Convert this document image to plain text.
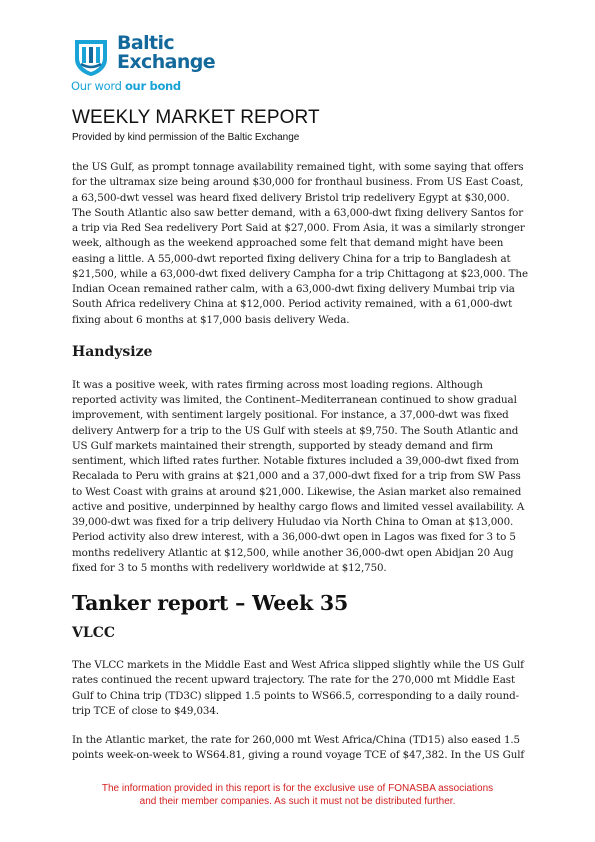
Baltic
Exchange
Our word our bond
WEEKLY MARKET REPORT
Provided by kind permission of the Baltic Exchange

the US Gulf, as prompt tonnage availability remained tight, with some saying that offers for the ultramax size being around $30,000 for fronthaul business. From US East Coast, a 63,500-dwt vessel was heard fixed delivery Bristol trip redelivery Egypt at $30,000. The South Atlantic also saw better demand, with a 63,000-dwt fixing delivery Santos for a trip via Red Sea redelivery Port Said at $27,000. From Asia, it was a similarly stronger week, although as the weekend approached some felt that demand might have been easing a little. A 55,000-dwt reported fixing delivery China for a trip to Bangladesh at $21,500, while a 63,000-dwt fixed delivery Campha for a trip Chittagong at $23,000. The Indian Ocean remained rather calm, with a 63,000-dwt fixing delivery Mumbai trip via South Africa redelivery China at $12,000. Period activity remained, with a 61,000-dwt fixing about 6 months at $17,000 basis delivery Weda.

Handysize

It was a positive week, with rates firming across most loading regions. Although reported activity was limited, the Continent–Mediterranean continued to show gradual improvement, with sentiment largely positional. For instance, a 37,000-dwt was fixed delivery Antwerp for a trip to the US Gulf with steels at $9,750. The South Atlantic and US Gulf markets maintained their strength, supported by steady demand and firm sentiment, which lifted rates further. Notable fixtures included a 39,000-dwt fixed from Recalada to Peru with grains at $21,000 and a 37,000-dwt fixed for a trip from SW Pass to West Coast with grains at around $21,000. Likewise, the Asian market also remained active and positive, underpinned by healthy cargo flows and limited vessel availability. A 39,000-dwt was fixed for a trip delivery Huludao via North China to Oman at $13,000. Period activity also drew interest, with a 36,000-dwt open in Lagos was fixed for 3 to 5 months redelivery Atlantic at $12,500, while another 36,000-dwt open Abidjan 20 Aug fixed for 3 to 5 months with redelivery worldwide at $12,750.

Tanker report – Week 35
VLCC

The VLCC markets in the Middle East and West Africa slipped slightly while the US Gulf rates continued the recent upward trajectory. The rate for the 270,000 mt Middle East Gulf to China trip (TD3C) slipped 1.5 points to WS66.5, corresponding to a daily round-trip TCE of close to $49,034.

In the Atlantic market, the rate for 260,000 mt West Africa/China (TD15) also eased 1.5 points week-on-week to WS64.81, giving a round voyage TCE of $47,382. In the US Gulf

The information provided in this report is for the exclusive use of FONASBA associations
and their member companies. As such it must not be distributed further.
